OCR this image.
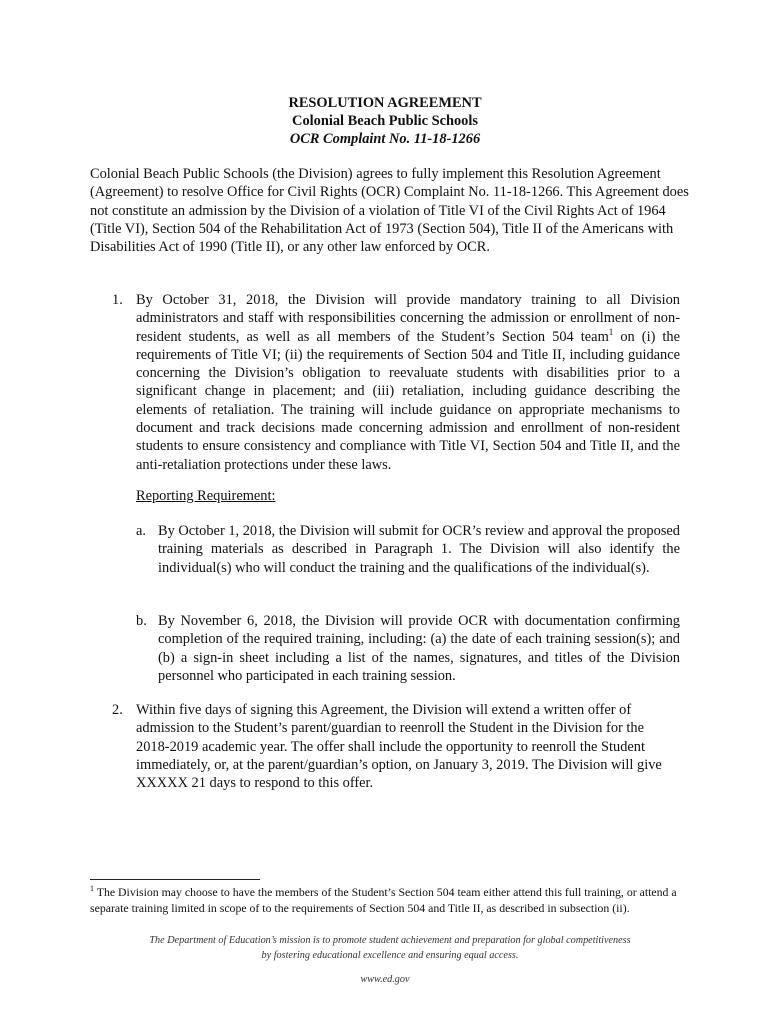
RESOLUTION AGREEMENT
Colonial Beach Public Schools
OCR Complaint No. 11-18-1266

Colonial Beach Public Schools (the Division) agrees to fully implement this Resolution Agreement (Agreement) to resolve Office for Civil Rights (OCR) Complaint No. 11-18-1266. This Agreement does not constitute an admission by the Division of a violation of Title VI of the Civil Rights Act of 1964 (Title VI), Section 504 of the Rehabilitation Act of 1973 (Section 504), Title II of the Americans with Disabilities Act of 1990 (Title II), or any other law enforced by OCR.

1. By October 31, 2018, the Division will provide mandatory training to all Division administrators and staff with responsibilities concerning the admission or enrollment of non-resident students, as well as all members of the Student’s Section 504 team$^1$ on (i) the requirements of Title VI; (ii) the requirements of Section 504 and Title II, including guidance concerning the Division’s obligation to reevaluate students with disabilities prior to a significant change in placement; and (iii) retaliation, including guidance describing the elements of retaliation. The training will include guidance on appropriate mechanisms to document and track decisions made concerning admission and enrollment of non-resident students to ensure consistency and compliance with Title VI, Section 504 and Title II, and the anti-retaliation protections under these laws.
Reporting Requirement:
a. By October 1, 2018, the Division will submit for OCR’s review and approval the proposed training materials as described in Paragraph 1. The Division will also identify the individual(s) who will conduct the training and the qualifications of the individual(s).
b. By November 6, 2018, the Division will provide OCR with documentation confirming completion of the required training, including: (a) the date of each training session(s); and (b) a sign-in sheet including a list of the names, signatures, and titles of the Division personnel who participated in each training session.
2. Within five days of signing this Agreement, the Division will extend a written offer of admission to the Student’s parent/guardian to reenroll the Student in the Division for the 2018-2019 academic year. The offer shall include the opportunity to reenroll the Student immediately, or, at the parent/guardian’s option, on January 3, 2019. The Division will give XXXXX 21 days to respond to this offer.
$^1$ The Division may choose to have the members of the Student’s Section 504 team either attend this full training, or attend a separate training limited in scope of to the requirements of Section 504 and Title II, as described in subsection (ii).
The Department of Education’s mission is to promote student achievement and preparation for global competitiveness
by fostering educational excellence and ensuring equal access.
www.ed.gov
